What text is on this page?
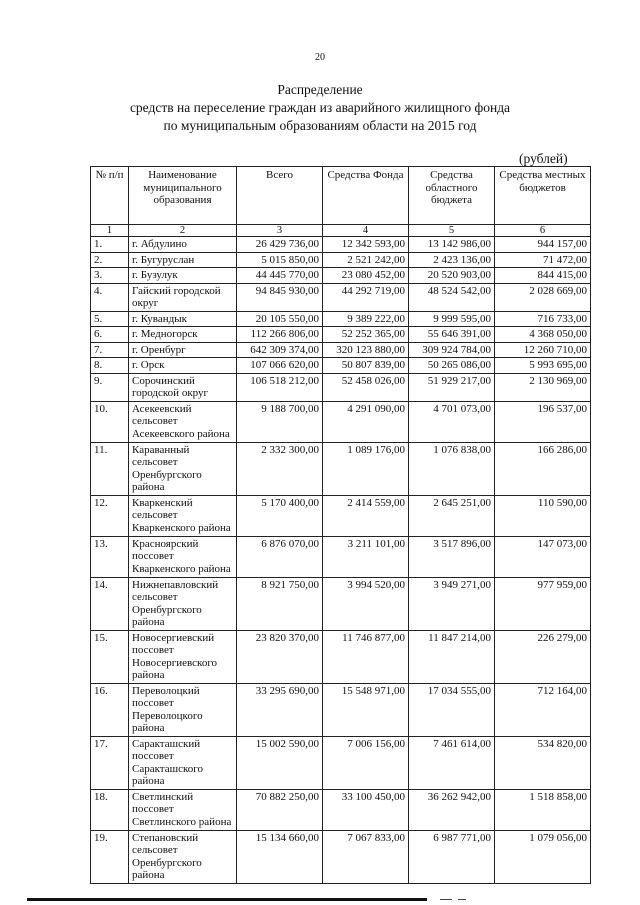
20
Распределение
средств на переселение граждан из аварийного жилищного фонда
по муниципальным образованиям области на 2015 год
(рублей)
№ п/п	Наименование муниципального образования	Всего	Средства Фонда	Средства областного бюджета	Средства местных бюджетов
1	2	3	4	5	6
1.	г. Абдулино	26 429 736,00	12 342 593,00	13 142 986,00	944 157,00
2.	г. Бугуруслан	5 015 850,00	2 521 242,00	2 423 136,00	71 472,00
3.	г. Бузулук	44 445 770,00	23 080 452,00	20 520 903,00	844 415,00
4.	Гайский городской округ	94 845 930,00	44 292 719,00	48 524 542,00	2 028 669,00
5.	г. Кувандык	20 105 550,00	9 389 222,00	9 999 595,00	716 733,00
6.	г. Медногорск	112 266 806,00	52 252 365,00	55 646 391,00	4 368 050,00
7.	г. Оренбург	642 309 374,00	320 123 880,00	309 924 784,00	12 260 710,00
8.	г. Орск	107 066 620,00	50 807 839,00	50 265 086,00	5 993 695,00
9.	Сорочинский городской округ	106 518 212,00	52 458 026,00	51 929 217,00	2 130 969,00
10.	Асекеевский сельсовет Асекеевского района	9 188 700,00	4 291 090,00	4 701 073,00	196 537,00
11.	Караванный сельсовет Оренбургского района	2 332 300,00	1 089 176,00	1 076 838,00	166 286,00
12.	Кваркенский сельсовет Кваркенского района	5 170 400,00	2 414 559,00	2 645 251,00	110 590,00
13.	Красноярский поссовет Кваркенского района	6 876 070,00	3 211 101,00	3 517 896,00	147 073,00
14.	Нижнепавловский сельсовет Оренбургского района	8 921 750,00	3 994 520,00	3 949 271,00	977 959,00
15.	Новосергиевский поссовет Новосергиевского района	23 820 370,00	11 746 877,00	11 847 214,00	226 279,00
16.	Переволоцкий поссовет Переволоцкого района	33 295 690,00	15 548 971,00	17 034 555,00	712 164,00
17.	Саракташский поссовет Саракташского района	15 002 590,00	7 006 156,00	7 461 614,00	534 820,00
18.	Светлинский поссовет Светлинского района	70 882 250,00	33 100 450,00	36 262 942,00	1 518 858,00
19.	Степановский сельсовет Оренбургского района	15 134 660,00	7 067 833,00	6 987 771,00	1 079 056,00
